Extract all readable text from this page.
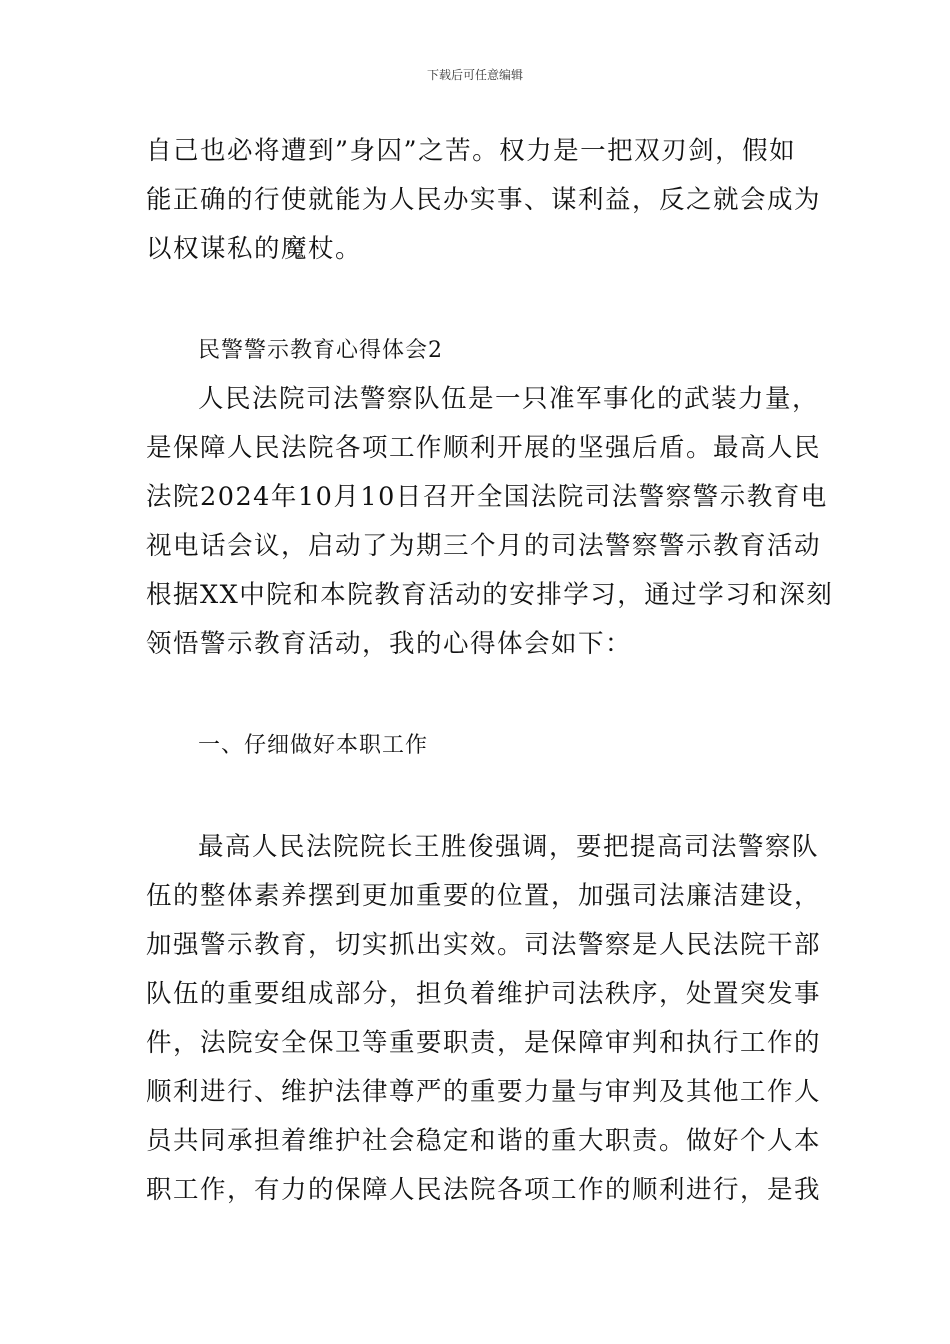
下载后可任意编辑
自己也必将遭到”身囚”之苦。权力是一把双刃剑，假如
能正确的行使就能为人民办实事、谋利益，反之就会成为
以权谋私的魔杖。
民警警示教育心得体会2
人民法院司法警察队伍是一只准军事化的武装力量，
是保障人民法院各项工作顺利开展的坚强后盾。最高人民
法院2024年10月10日召开全国法院司法警察警示教育电
视电话会议，启动了为期三个月的司法警察警示教育活动
根据XX中院和本院教育活动的安排学习，通过学习和深刻
领悟警示教育活动，我的心得体会如下：
一、仔细做好本职工作
最高人民法院院长王胜俊强调，要把提高司法警察队
伍的整体素养摆到更加重要的位置，加强司法廉洁建设，
加强警示教育，切实抓出实效。司法警察是人民法院干部
队伍的重要组成部分，担负着维护司法秩序，处置突发事
件，法院安全保卫等重要职责，是保障审判和执行工作的
顺利进行、维护法律尊严的重要力量与审判及其他工作人
员共同承担着维护社会稳定和谐的重大职责。做好个人本
职工作，有力的保障人民法院各项工作的顺利进行，是我
